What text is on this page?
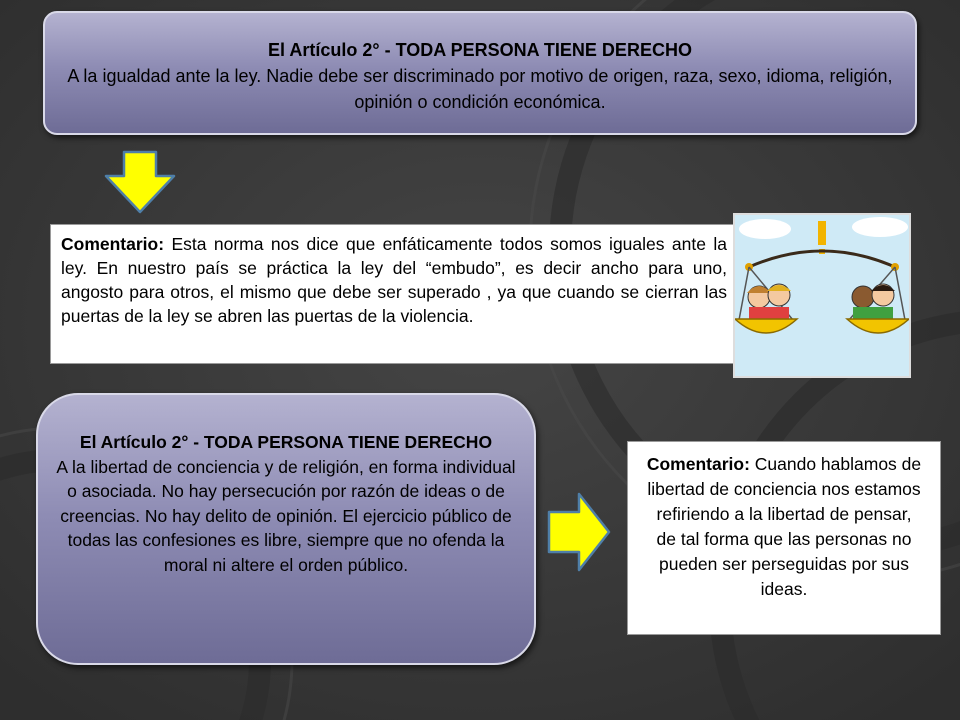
El Artículo 2° - TODA PERSONA TIENE DERECHO
A la igualdad ante la ley. Nadie debe ser discriminado por motivo de origen, raza, sexo, idioma, religión, opinión o condición económica.
Comentario: Esta norma nos dice que enfáticamente todos somos iguales ante la ley. En nuestro país se práctica la ley del “embudo”, es decir ancho para uno, angosto para otros, el mismo que debe ser superado , ya que cuando se cierran las puertas de la ley se abren las puertas de la violencia.
El Artículo 2° - TODA PERSONA TIENE DERECHO
A la libertad de conciencia y de religión, en forma individual o asociada. No hay persecución por razón de ideas o de creencias. No hay delito de opinión. El ejercicio público de todas las confesiones es libre, siempre que no ofenda la moral ni altere el orden público.
Comentario: Cuando hablamos de libertad de conciencia nos estamos refiriendo a la libertad de pensar, de tal forma que las personas no pueden ser perseguidas por sus ideas.
